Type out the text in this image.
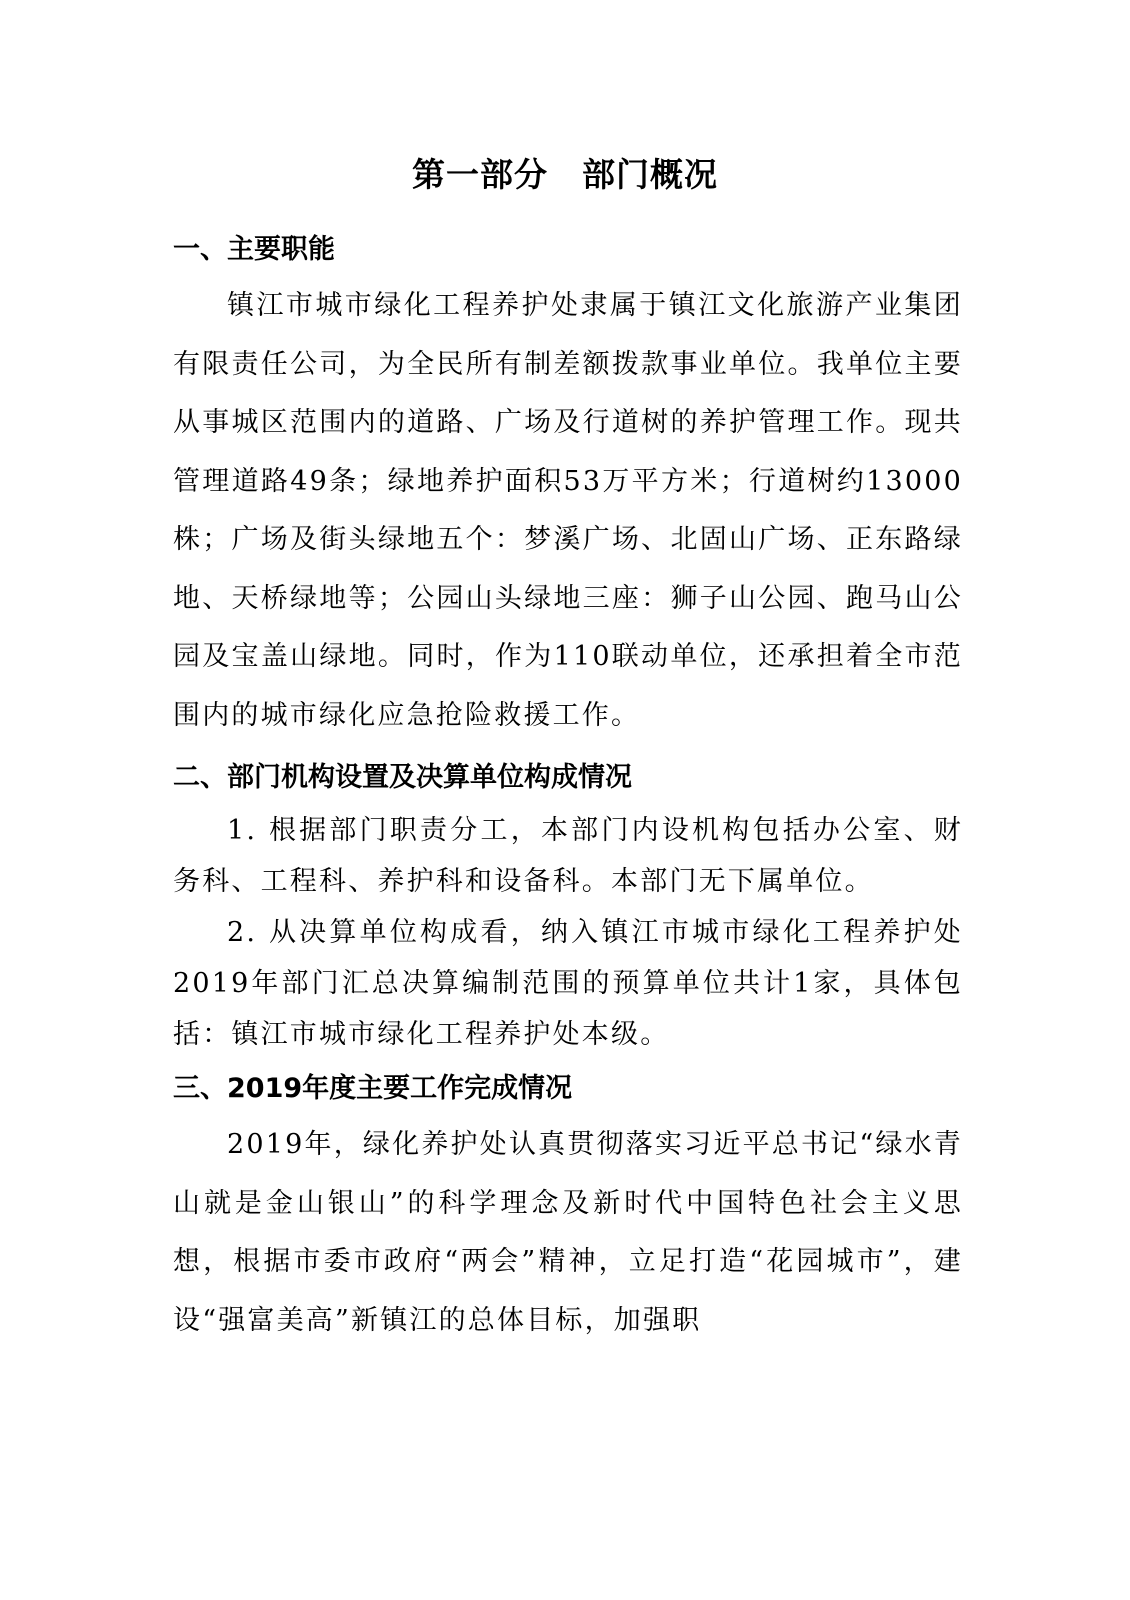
第一部分 部门概况
一、主要职能

镇江市城市绿化工程养护处隶属于镇江文化旅游产业集团有限责任公司，为全民所有制差额拨款事业单位。我单位主要从事城区范围内的道路、广场及行道树的养护管理工作。现共管理道路49条；绿地养护面积53万平方米；行道树约13000株；广场及街头绿地五个：梦溪广场、北固山广场、正东路绿地、天桥绿地等；公园山头绿地三座：狮子山公园、跑马山公园及宝盖山绿地。同时，作为110联动单位，还承担着全市范围内的城市绿化应急抢险救援工作。

二、部门机构设置及决算单位构成情况

1. 根据部门职责分工，本部门内设机构包括办公室、财务科、工程科、养护科和设备科。本部门无下属单位。

2. 从决算单位构成看，纳入镇江市城市绿化工程养护处2019年部门汇总决算编制范围的预算单位共计1家，具体包括：镇江市城市绿化工程养护处本级。

三、2019年度主要工作完成情况

2019年，绿化养护处认真贯彻落实习近平总书记“绿水青山就是金山银山”的科学理念及新时代中国特色社会主义思想，根据市委市政府“两会”精神，立足打造“花园城市”，建设“强富美高”新镇江的总体目标，加强职
